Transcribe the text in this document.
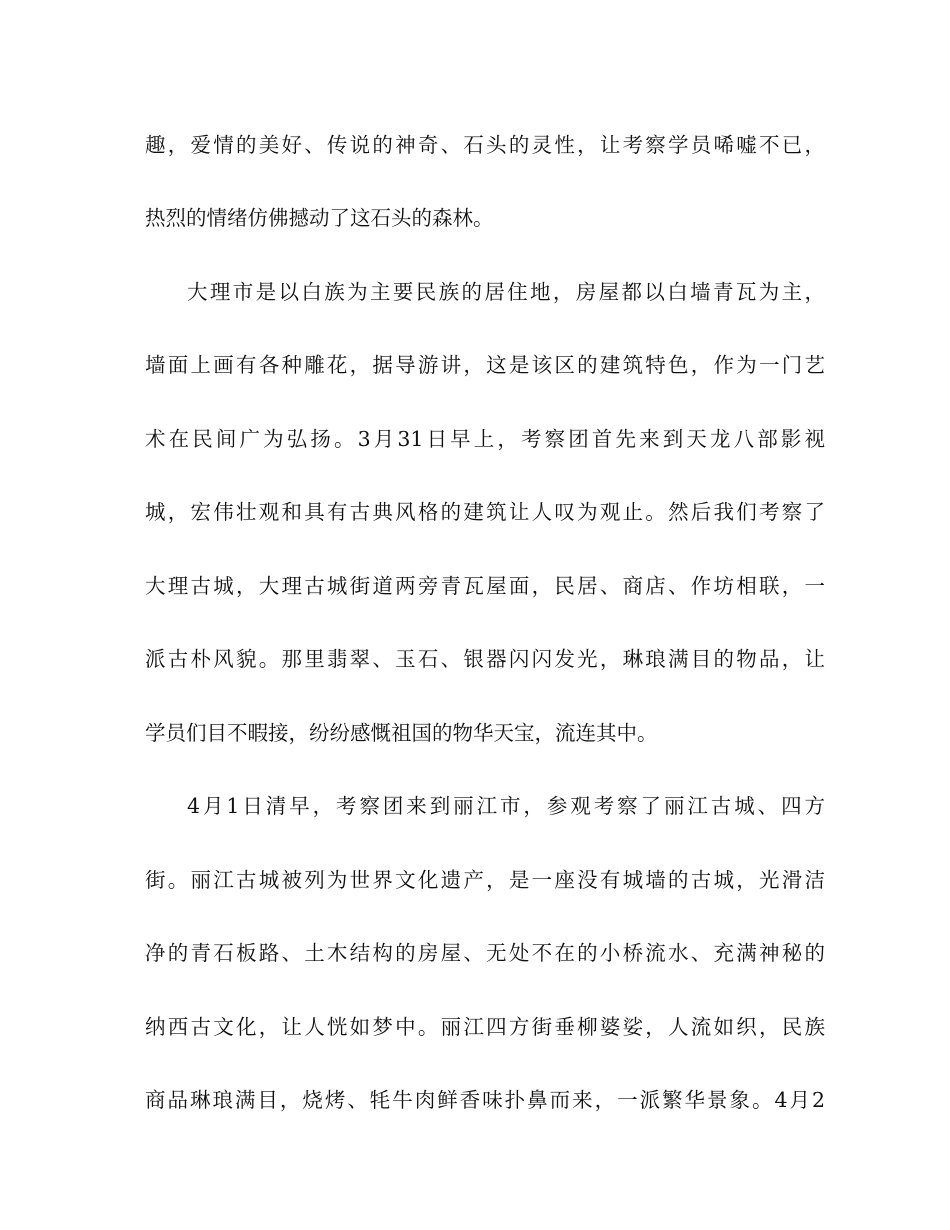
趣，爱情的美好、传说的神奇、石头的灵性，让考察学员唏嘘不已，
热烈的情绪仿佛撼动了这石头的森林。
大理市是以白族为主要民族的居住地，房屋都以白墙青瓦为主，
墙面上画有各种雕花，据导游讲，这是该区的建筑特色，作为一门艺
术在民间广为弘扬。3月31日早上，考察团首先来到天龙八部影视
城，宏伟壮观和具有古典风格的建筑让人叹为观止。然后我们考察了
大理古城，大理古城街道两旁青瓦屋面，民居、商店、作坊相联，一
派古朴风貌。那里翡翠、玉石、银器闪闪发光，琳琅满目的物品，让
学员们目不暇接，纷纷感慨祖国的物华天宝，流连其中。
4月1日清早，考察团来到丽江市，参观考察了丽江古城、四方
街。丽江古城被列为世界文化遗产，是一座没有城墙的古城，光滑洁
净的青石板路、土木结构的房屋、无处不在的小桥流水、充满神秘的
纳西古文化，让人恍如梦中。丽江四方街垂柳婆娑，人流如织，民族
商品琳琅满目，烧烤、牦牛肉鲜香味扑鼻而来，一派繁华景象。4月2
